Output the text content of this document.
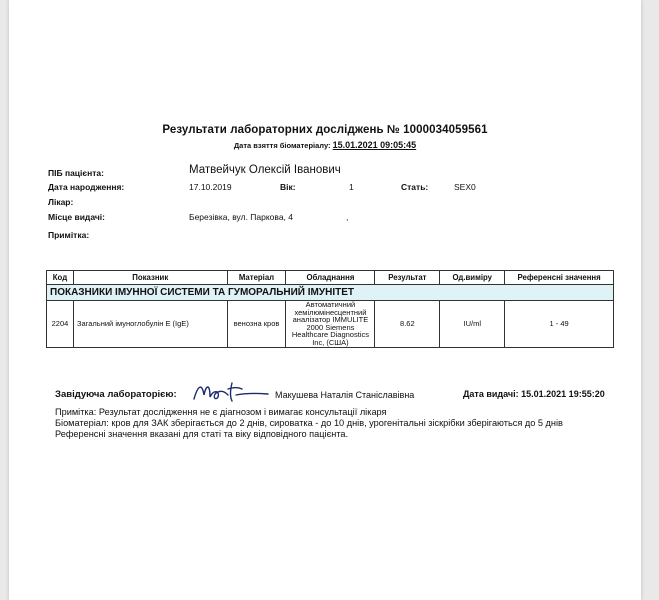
Результати лабораторних досліджень № 1000034059561
Дата взяття біоматеріалу: 15.01.2021 09:05:45
ПІБ пацієнта:	Матвейчук Олексій Іванович
Дата народження:	17.10.2019	Вік:	1	Стать:	SEX0
Лікар:
Місце видачі:	Березівка, вул. Паркова, 4	,
Примітка:
Код	Показник	Матеріал	Обладнання	Результат	Од.виміру	Референсні значення
ПОКАЗНИКИ ІМУННОЇ СИСТЕМИ ТА ГУМОРАЛЬНИЙ ІМУНІТЕТ						
2204	Загальний імуноглобулін Е (IgE)	венозна кров	Автоматичний хемілюмінесцентний аналізатор IMMULITE 2000 Siemens Healthcare Diagnostics Inc, (США)	8.62	IU/ml	1 - 49
Завідуюча лабораторією:	Макушева Наталія Станіславівна	Дата видачі: 15.01.2021 19:55:20
Примітка: Результат дослідження не є діагнозом і вимагає консультації лікаря
Біоматеріал: кров для ЗАК зберігається до 2 днів, сироватка - до 10 днів, урогенітальні зіскрібки зберігаються до 5 днів
Референсні значення вказані для статі та віку відповідного пацієнта.
